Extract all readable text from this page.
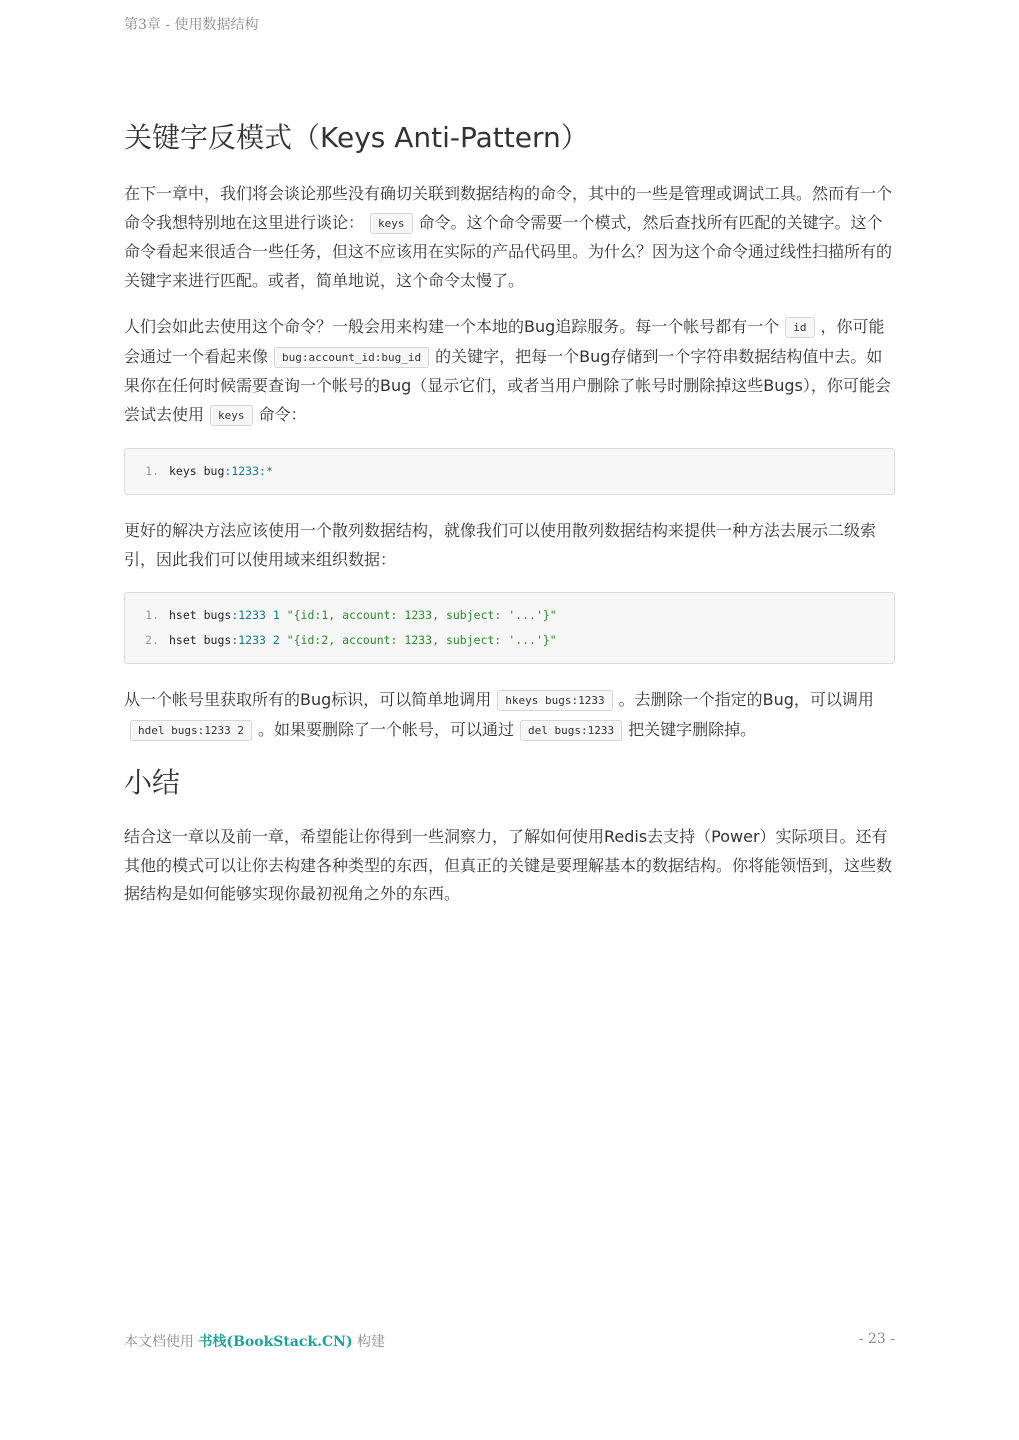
第3章 - 使用数据结构
关键字反模式（Keys Anti-Pattern）

在下一章中，我们将会谈论那些没有确切关联到数据结构的命令，其中的一些是管理或调试工具。然而有一个命令我想特别地在这里进行谈论： keys 命令。这个命令需要一个模式，然后查找所有匹配的关键字。这个命令看起来很适合一些任务，但这不应该用在实际的产品代码里。为什么？因为这个命令通过线性扫描所有的关键字来进行匹配。或者，简单地说，这个命令太慢了。

人们会如此去使用这个命令？一般会用来构建一个本地的Bug追踪服务。每一个帐号都有一个 id ，你可能会通过一个看起来像 bug:account_id:bug_id 的关键字，把每一个Bug存储到一个字符串数据结构值中去。如果你在任何时候需要查询一个帐号的Bug（显示它们，或者当用户删除了帐号时删除掉这些Bugs），你可能会尝试去使用 keys 命令：

1. keys bug:1233:*

更好的解决方法应该使用一个散列数据结构，就像我们可以使用散列数据结构来提供一种方法去展示二级索引，因此我们可以使用域来组织数据：

1. hset bugs:1233 1 "{id:1, account: 1233, subject: '...'}"
2. hset bugs:1233 2 "{id:2, account: 1233, subject: '...'}"

从一个帐号里获取所有的Bug标识，可以简单地调用 hkeys bugs:1233 。去删除一个指定的Bug，可以调用hdel bugs:1233 2 。如果要删除了一个帐号，可以通过 del bugs:1233 把关键字删除掉。

小结

结合这一章以及前一章，希望能让你得到一些洞察力，了解如何使用Redis去支持（Power）实际项目。还有其他的模式可以让你去构建各种类型的东西，但真正的关键是要理解基本的数据结构。你将能领悟到，这些数据结构是如何能够实现你最初视角之外的东西。

本文档使用 书栈(BookStack.CN) 构建	- 23 -
